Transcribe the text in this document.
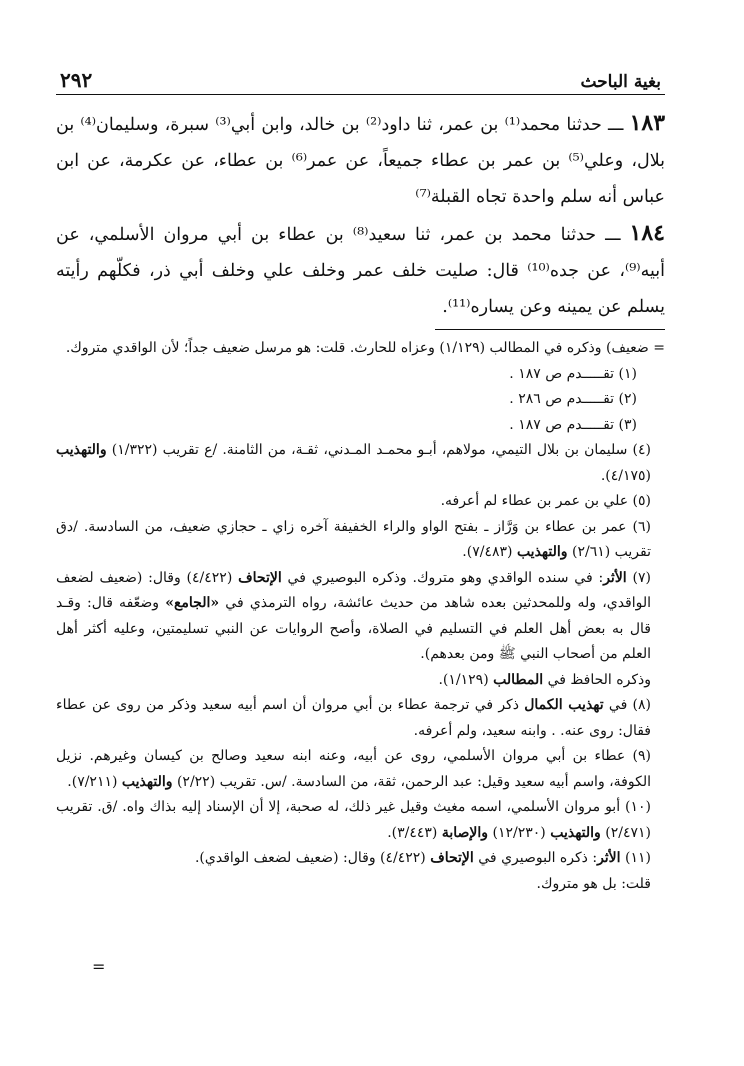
بغية الباحث
٢٩٢

١٨٣ ـــ حدثنا محمد⁽¹⁾ بن عمر، ثنا داود⁽²⁾ بن خالد، وابن أبي⁽³⁾ سبرة، وسليمان⁽⁴⁾ بن بلال، وعلي⁽⁵⁾ بن عمر بن عطاء جميعاً، عن عمر⁽⁶⁾ بن عطاء، عن عكرمة، عن ابن عباس أنه سلم واحدة تجاه القبلة⁽⁷⁾

١٨٤ ـــ حدثنا محمد بن عمر، ثنا سعيد⁽⁸⁾ بن عطاء بن أبي مروان الأسلمي، عن أبيه⁽⁹⁾، عن جده⁽¹⁰⁾ قال: صليت خلف عمر وخلف علي وخلف أبي ذر، فكلّهم رأيته يسلم عن يمينه وعن يساره⁽¹¹⁾.

= ضعيف) وذكره في المطالب (١/١٢٩) وعزاه للحارث. قلت: هو مرسل ضعيف جداً؛ لأن الواقدي متروك.

(١) تقـــــدم ص ١٨٧ .

(٢) تقـــــدم ص ٢٨٦ .

(٣) تقـــــدم ص ١٨٧ .

(٤) سليمان بن بلال التيمي، مولاهم، أبـو محمـد المـدني، ثقـة، من الثامنة. /ع تقريب (١/٣٢٢) والتهذيب (٤/١٧٥).

(٥) علي بن عمر بن عطاء لم أعرفه.

(٦) عمر بن عطاء بن وَرَّاز ـ بفتح الواو والراء الخفيفة آخره زاي ـ حجازي ضعيف، من السادسة. /دق تقريب (٢/٦١) والتهذيب (٧/٤٨٣).

(٧) الأثر: في سنده الواقدي وهو متروك. وذكره البوصيري في الإتحاف (٤/٤٢٢) وقال: (ضعيف لضعف الواقدي، وله وللمحدثين بعده شاهد من حديث عائشة، رواه الترمذي في «الجامع» وضعّفه قال: وقـد قال به بعض أهل العلم في التسليم في الصلاة، وأصح الروايات عن النبي تسليمتين، وعليه أكثر أهل العلم من أصحاب النبي ﷺ ومن بعدهم).

وذكره الحافظ في المطالب (١/١٢٩).

(٨) في تهذيب الكمال ذكر في ترجمة عطاء بن أبي مروان أن اسم أبيه سعيد وذكر من روى عن عطاء فقال: روى عنه. . وابنه سعيد، ولم أعرفه.

(٩) عطاء بن أبي مروان الأسلمي، روى عن أبيه، وعنه ابنه سعيد وصالح بن كيسان وغيرهم. نزيل الكوفة، واسم أبيه سعيد وقيل: عبد الرحمن، ثقة، من السادسة. /س. تقريب (٢/٢٢) والتهذيب (٧/٢١١).

(١٠) أبو مروان الأسلمي، اسمه مغيث وقيل غير ذلك، له صحبة، إلا أن الإسناد إليه بذاك واه. /ق. تقريب (٢/٤٧١) والتهذيب (١٢/٢٣٠) والإصابة (٣/٤٤٣).

(١١) الأثر: ذكره البوصيري في الإتحاف (٤/٤٢٢) وقال: (ضعيف لضعف الواقدي).

قلت: بل هو متروك.

=
